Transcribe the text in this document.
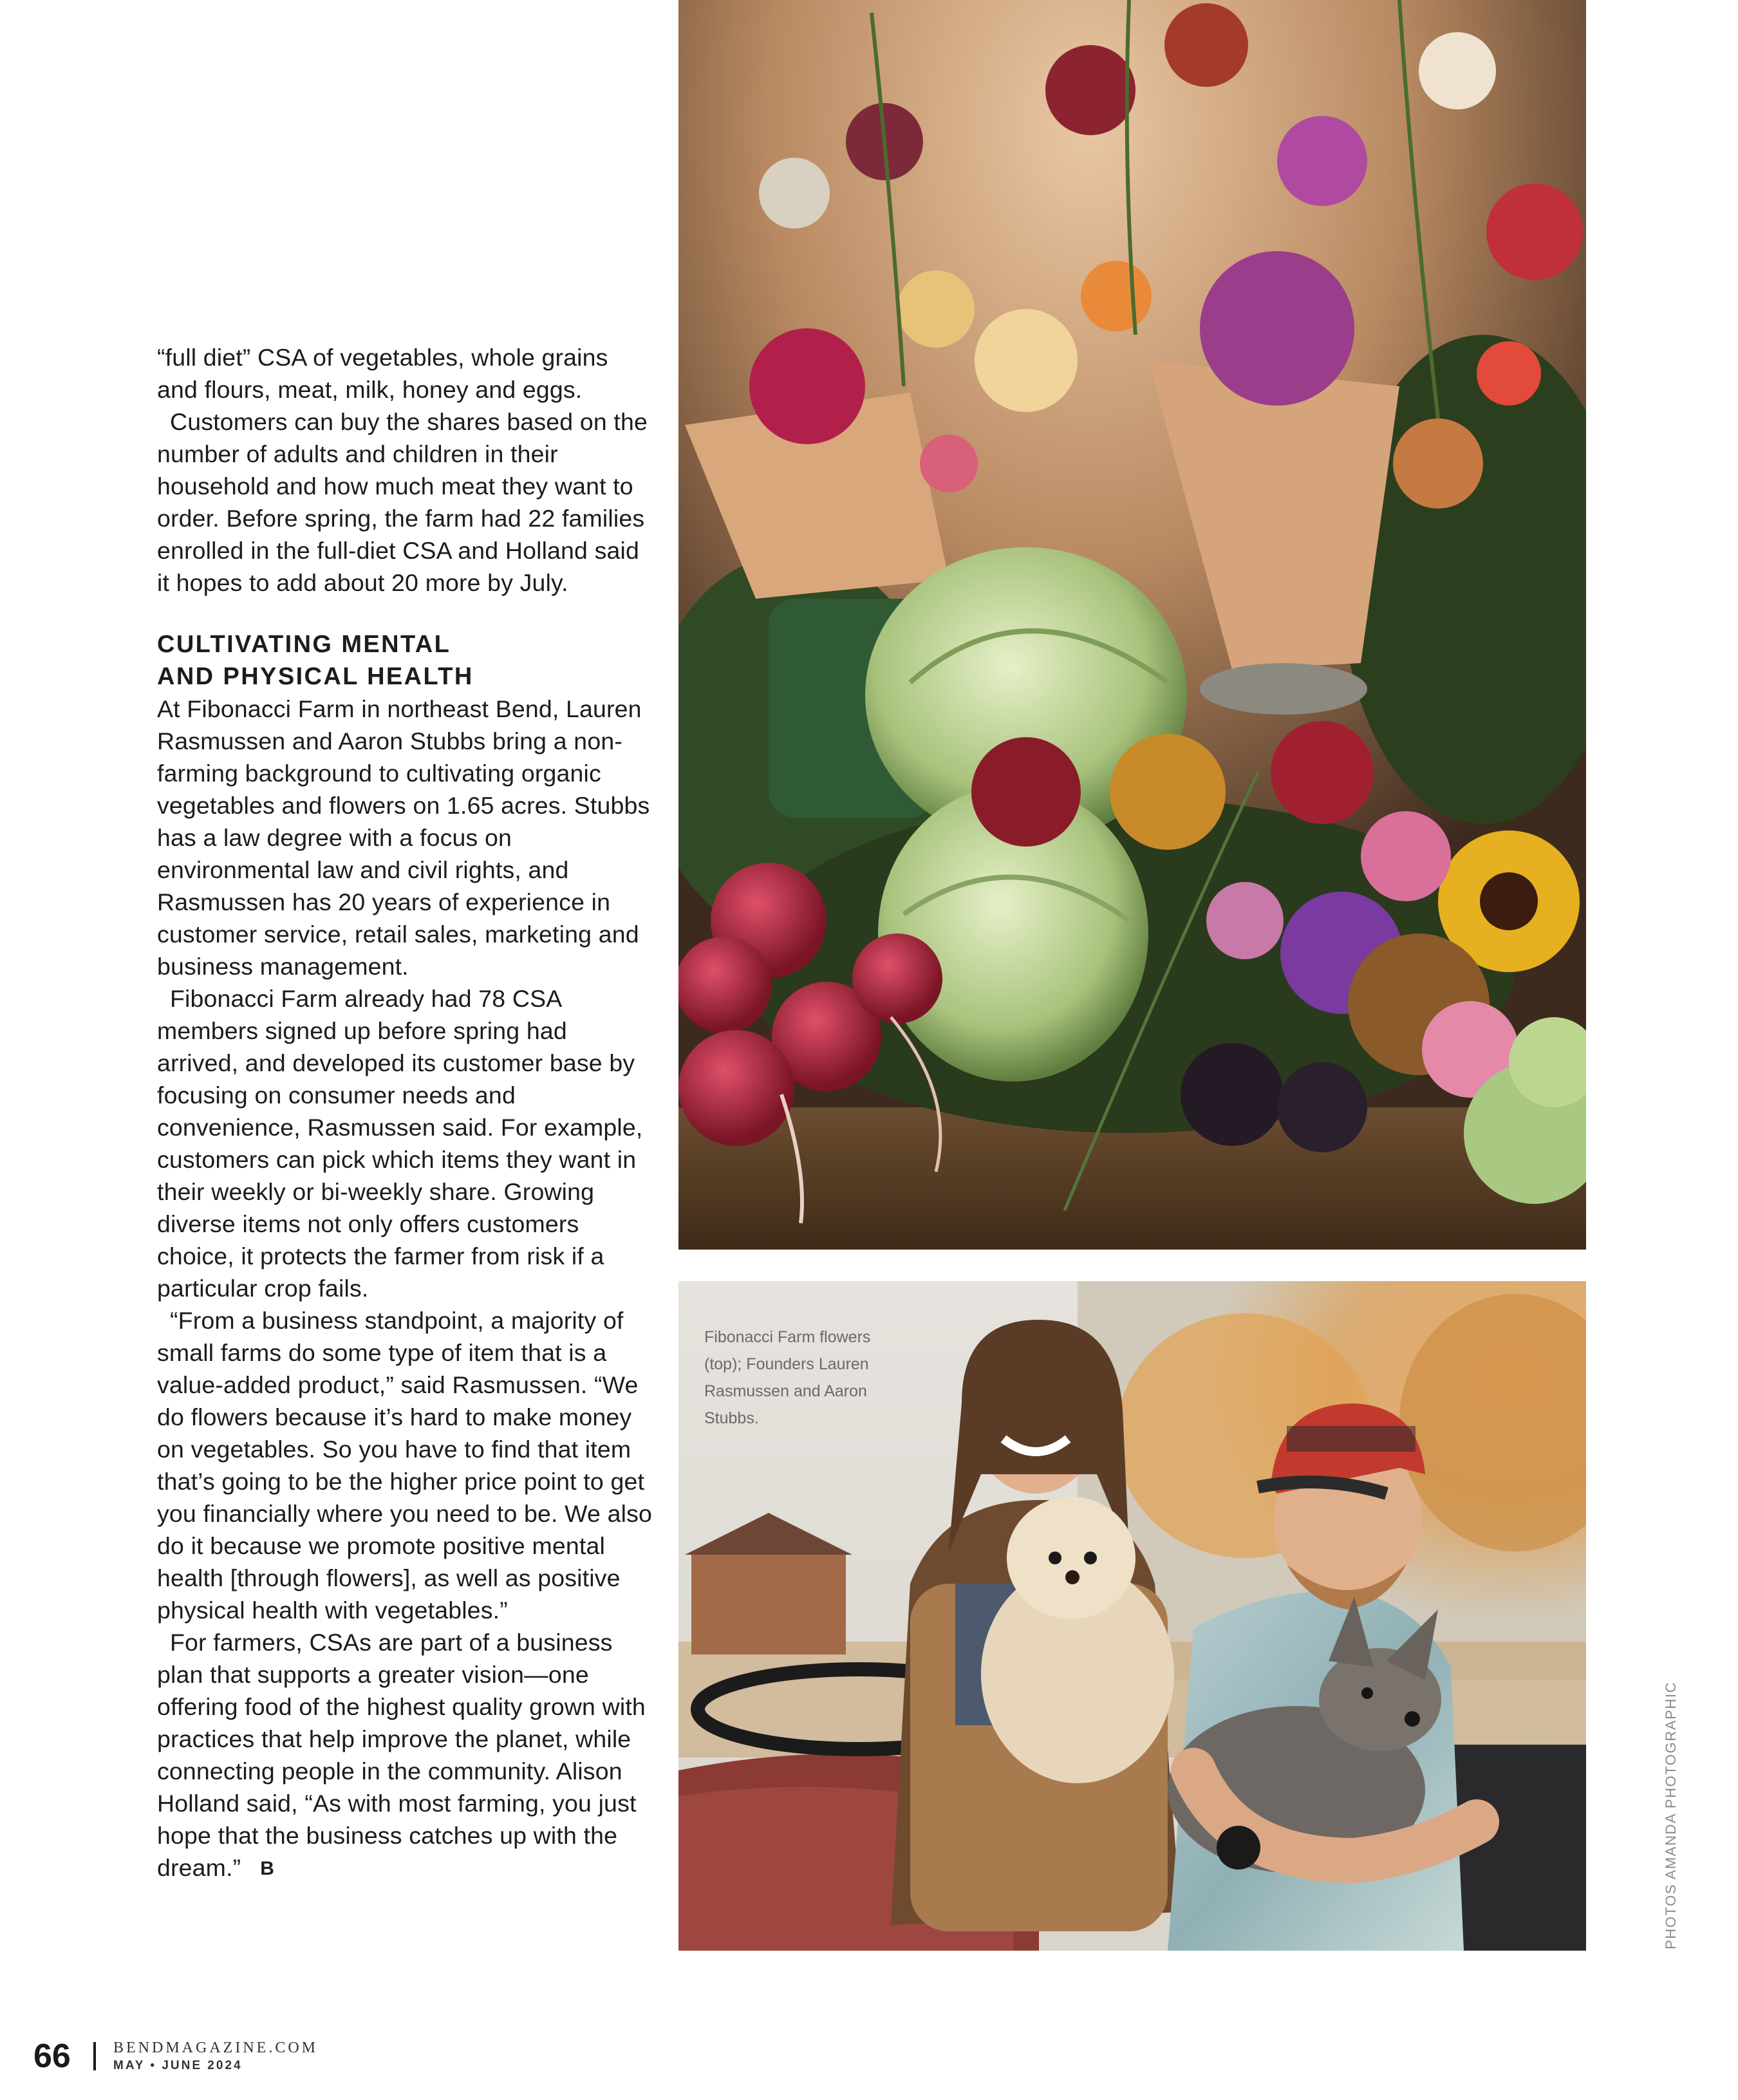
“full diet” CSA of vegetables, whole grains and flours, meat, milk, honey and eggs.

Customers can buy the shares based on the number of adults and children in their household and how much meat they want to order. Before spring, the farm had 22 families enrolled in the full-diet CSA and Holland said it hopes to add about 20 more by July.

CULTIVATING MENTAL
AND PHYSICAL HEALTH

At Fibonacci Farm in northeast Bend, Lauren Rasmussen and Aaron Stubbs bring a non-farming background to cultivating organic vegetables and flowers on 1.65 acres. Stubbs has a law degree with a focus on environmental law and civil rights, and Rasmussen has 20 years of experience in customer service, retail sales, marketing and business management.

Fibonacci Farm already had 78 CSA members signed up before spring had arrived, and developed its customer base by focusing on consumer needs and convenience, Rasmussen said. For example, customers can pick which items they want in their weekly or bi-weekly share. Growing diverse items not only offers customers choice, it protects the farmer from risk if a particular crop fails.

“From a business standpoint, a majority of small farms do some type of item that is a value-added product,” said Rasmussen. “We do flowers because it’s hard to make money on vegetables. So you have to find that item that’s going to be the higher price point to get you financially where you need to be. We also do it because we promote positive mental health [through flowers], as well as positive physical health with vegetables.”

For farmers, CSAs are part of a business plan that supports a greater vision—one offering food of the highest quality grown with practices that help improve the planet, while connecting people in the community. Alison Holland said, “As with most farming, you just hope that the business catches up with the dream.” B

Fibonacci Farm flowers (top); Founders Lauren Rasmussen and Aaron Stubbs.
PHOTOS AMANDA PHOTOGRAPHIC
66	BENDMAGAZINE.COM
MAY • JUNE 2024
